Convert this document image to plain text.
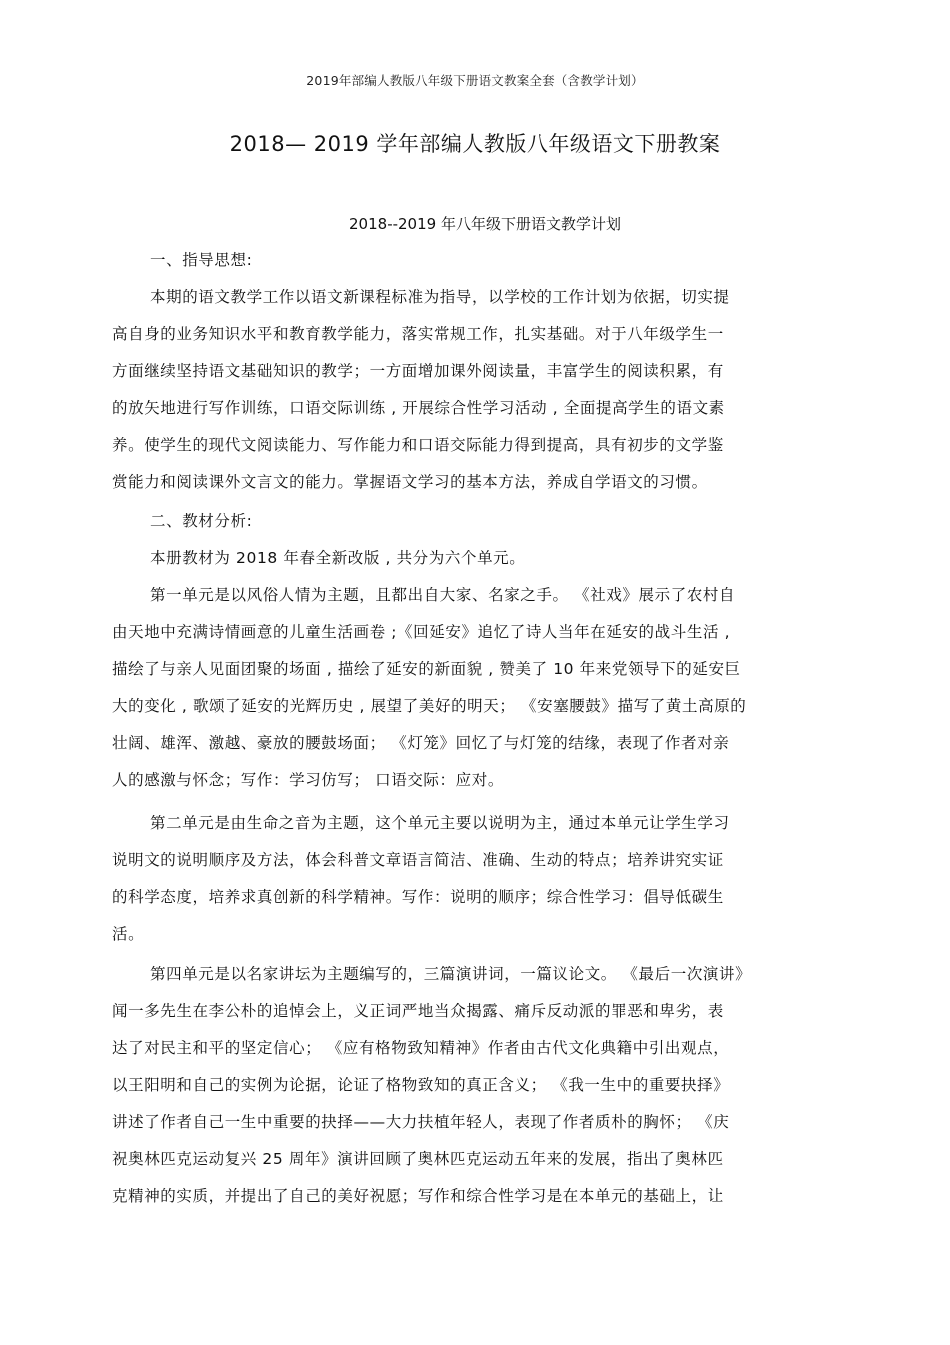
2019年部编人教版八年级下册语文教案全套（含教学计划）
2018— 2019 学年部编人教版八年级语文下册教案
2018--2019 年八年级下册语文教学计划
一、指导思想:
本期的语文教学工作以语文新课程标准为指导，以学校的工作计划为依据，切实提
高自身的业务知识水平和教育教学能力，落实常规工作，扎实基础。对于八年级学生一
方面继续坚持语文基础知识的教学；一方面增加课外阅读量，丰富学生的阅读积累，有
的放矢地进行写作训练，口语交际训练 , 开展综合性学习活动 , 全面提高学生的语文素
养。使学生的现代文阅读能力、写作能力和口语交际能力得到提高，具有初步的文学鉴
赏能力和阅读课外文言文的能力。掌握语文学习的基本方法，养成自学语文的习惯。
二、教材分析:
本册教材为 2018 年春全新改版 , 共分为六个单元。
第一单元是以风俗人情为主题，且都出自大家、名家之手。 《社戏》展示了农村自
由天地中充满诗情画意的儿童生活画卷 ;《回延安》追忆了诗人当年在延安的战斗生活 ,
描绘了与亲人见面团聚的场面 , 描绘了延安的新面貌 , 赞美了 10 年来党领导下的延安巨
大的变化 , 歌颂了延安的光辉历史 , 展望了美好的明天； 《安塞腰鼓》描写了黄土高原的
壮阔、雄浑、激越、豪放的腰鼓场面； 《灯笼》回忆了与灯笼的结缘，表现了作者对亲
人的感激与怀念；写作：学习仿写； 口语交际：应对。
第二单元是由生命之音为主题，这个单元主要以说明为主，通过本单元让学生学习
说明文的说明顺序及方法，体会科普文章语言简洁、准确、生动的特点；培养讲究实证
的科学态度，培养求真创新的科学精神。写作：说明的顺序；综合性学习：倡导低碳生
活。
第四单元是以名家讲坛为主题编写的，三篇演讲词，一篇议论文。 《最后一次演讲》
闻一多先生在李公朴的追悼会上，义正词严地当众揭露、痛斥反动派的罪恶和卑劣，表
达了对民主和平的坚定信心； 《应有格物致知精神》作者由古代文化典籍中引出观点，
以王阳明和自己的实例为论据，论证了格物致知的真正含义； 《我一生中的重要抉择》
讲述了作者自己一生中重要的抉择——大力扶植年轻人，表现了作者质朴的胸怀； 《庆
祝奥林匹克运动复兴 25 周年》演讲回顾了奥林匹克运动五年来的发展，指出了奥林匹
克精神的实质，并提出了自己的美好祝愿；写作和综合性学习是在本单元的基础上，让
